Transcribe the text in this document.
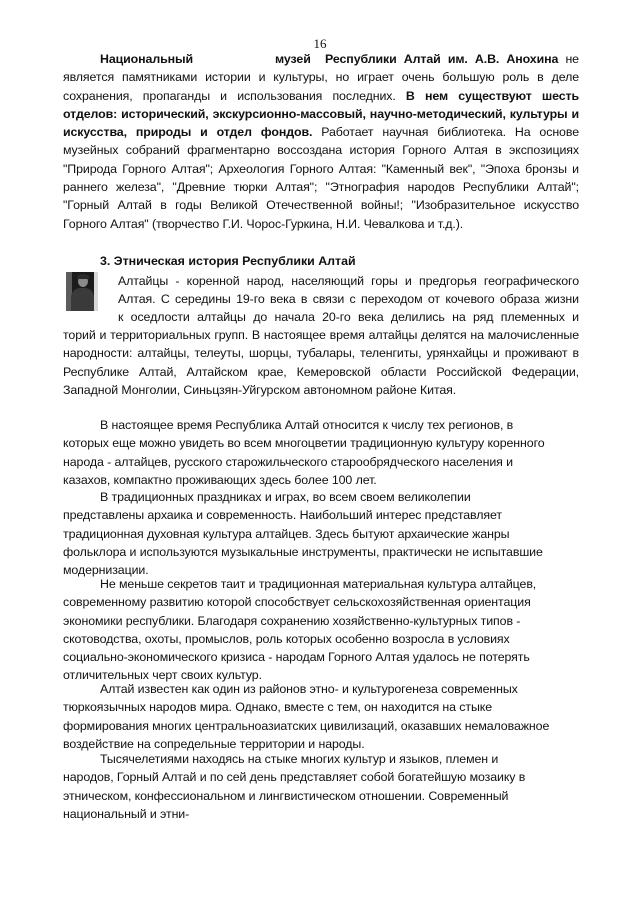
16

Национальный	музей Республики Алтай им. А.В. Анохина не является памятниками истории и культуры, но играет очень большую роль в деле сохранения, пропаганды и использования последних. В нем существуют шесть отделов: исторический, экскурсионно-массовый, научно-методический, культуры и искусства, природы и отдел фондов. Работает научная библиотека. На основе музейных собраний фрагментарно воссоздана история Горного Алтая в экспозициях "Природа Горного Алтая"; Археология Горного Алтая: "Каменный век", "Эпоха бронзы и раннего железа", "Древние тюрки Алтая"; "Этнография народов Республики Алтай"; "Горный Алтай в годы Великой Отечественной войны!; "Изобразительное искусство Горного Алтая" (творчество Г.И. Чорос-Гуркина, Н.И. Чевалкова и т.д.).

3. Этническая история Республики Алтай
Алтайцы - коренной народ, населяющий горы и предгорья географического
Алтая. С середины 19-го века в связи с переходом от кочевого образа жизни
к оседлости алтайцы до начала 20-го века делились на ряд племенных и

торий и территориальных групп. В настоящее время алтайцы делятся на малочисленные народности: алтайцы, телеуты, шорцы, тубалары, теленгиты, урянхайцы и проживают в Республике Алтай, Алтайском крае, Кемеровской области Российской Федерации, Западной Монголии, Синьцзян-Уйгурском автономном районе Китая.

В настоящее время Республика Алтай относится к числу тех регионов, в
которых еще можно увидеть во всем многоцветии традиционную культуру коренного
народа - алтайцев, русского старожильческого старообрядческого населения и
казахов, компактно проживающих здесь более 100 лет.
В традиционных праздниках и играх, во всем своем великолепии
представлены архаика и современность. Наибольший интерес представляет
традиционная духовная культура алтайцев. Здесь бытуют архаические жанры
фольклора и используются музыкальные инструменты, практически не испытавшие
модернизации.
Не меньше секретов таит и традиционная материальная культура алтайцев,
современному развитию которой способствует сельскохозяйственная ориентация
экономики республики. Благодаря сохранению хозяйственно-культурных типов -
скотоводства, охоты, промыслов, роль которых особенно возросла в условиях
социально-экономического кризиса - народам Горного Алтая удалось не потерять
отличительных черт своих культур.
Алтай известен как один из районов этно- и культурогенеза современных
тюркоязычных народов мира. Однако, вместе с тем, он находится на стыке
формирования многих центральноазиатских цивилизаций, оказавших немаловажное
воздействие на сопредельные территории и народы.
Тысячелетиями находясь на стыке многих культур и языков, племен и
народов, Горный Алтай и по сей день представляет собой богатейшую мозаику в
этническом, конфессиональном и лингвистическом отношении. Современный
национальный и этни-
